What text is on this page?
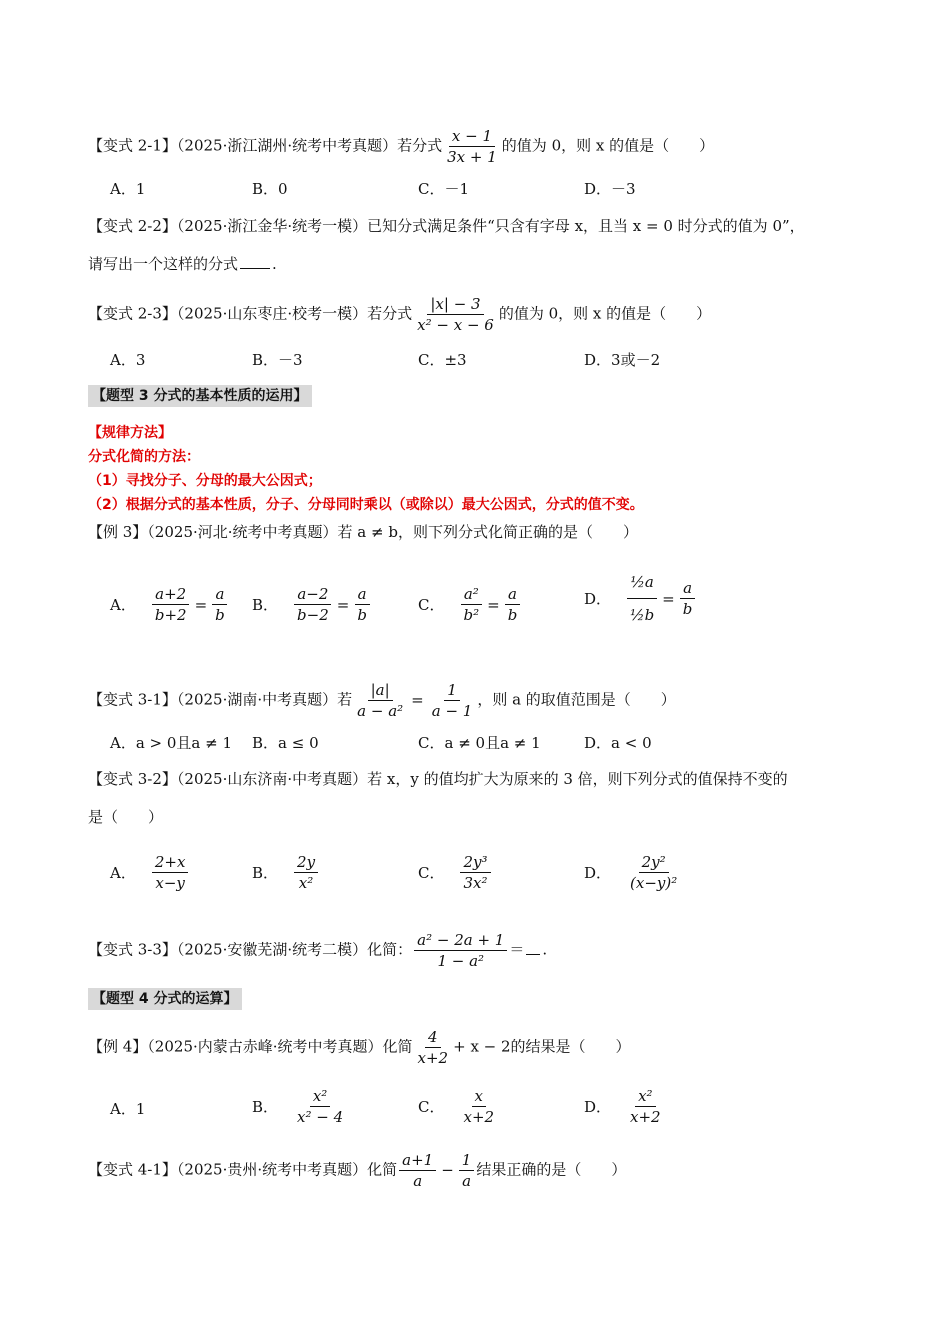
【变式 2-1】（2025·浙江湖州·统考中考真题）若分式 $\frac{x - 1}{3x + 1}$ 的值为 0，则 x 的值是（　　）
A．1	B．0	C．－1	D．－3
【变式 2-2】（2025·浙江金华·统考一模）已知分式满足条件“只含有字母 x，且当 x = 0 时分式的值为 0”，
请写出一个这样的分式 .
【变式 2-3】（2025·山东枣庄·校考一模）若分式 $\frac{|x| - 3}{\text{x² − x − 6}}$ 的值为 0，则 x 的值是（　　）
A．3	B．－3	C．±3	D．3或－2
【题型 3 分式的基本性质的运用】
【规律方法】
分式化简的方法：
（1）寻找分子、分母的最大公因式；
（2）根据分式的基本性质，分子、分母同时乘以（或除以）最大公因式，分式的值不变。
【例 3】（2025·河北·统考中考真题）若 a ≠ b，则下列分式化简正确的是（　　）
A． $\frac{a+2}{b+2} = \frac{a}{b}$ B． $\frac{a-2}{b-2} = \frac{a}{b}$	C． $\frac{\text{a²}}{\text{b²}} = \frac{a}{b}$	D． $\frac{\text{½a}}{\text{½b}} = \frac{a}{b}$
【变式 3-1】（2025·湖南·中考真题）若 $\frac{|a|}{\text{a − a²}} = \frac{1}{a - 1}$ ，则 a 的取值范围是（　　）
A．a > 0且a ≠ 1 B．a ≤ 0	C．a ≠ 0且a ≠ 1	D．a < 0
【变式 3-2】（2025·山东济南·中考真题）若 x，y 的值均扩大为原来的 3 倍，则下列分式的值保持不变的
是（　　）
A． $\frac{2+x}{x-y}$	B． $\frac{2y}{\text{x²}}$	C． $\frac{\text{2y³}}{\text{3x²}}$	D． $\frac{\text{2y²}}{\text{(x−y)²}}$
【变式 3-3】（2025·安徽芜湖·统考二模）化简： $\frac{\text{a² − 2a + 1}}{\text{1 − a²}}$ ＝ .
【题型 4 分式的运算】
【例 4】（2025·内蒙古赤峰·统考中考真题）化简 $\frac{4}{x+2} + x - 2$的结果是（　　）
A．1	B． $\frac{\text{x²}}{\text{x² − 4}}$	C． $\frac{x}{x+2}$	D． $\frac{\text{x²}}{x+2}$
【变式 4-1】（2025·贵州·统考中考真题）化简 $\frac{a+1}{a} - \frac{1}{a}$ 结果正确的是（　　）
